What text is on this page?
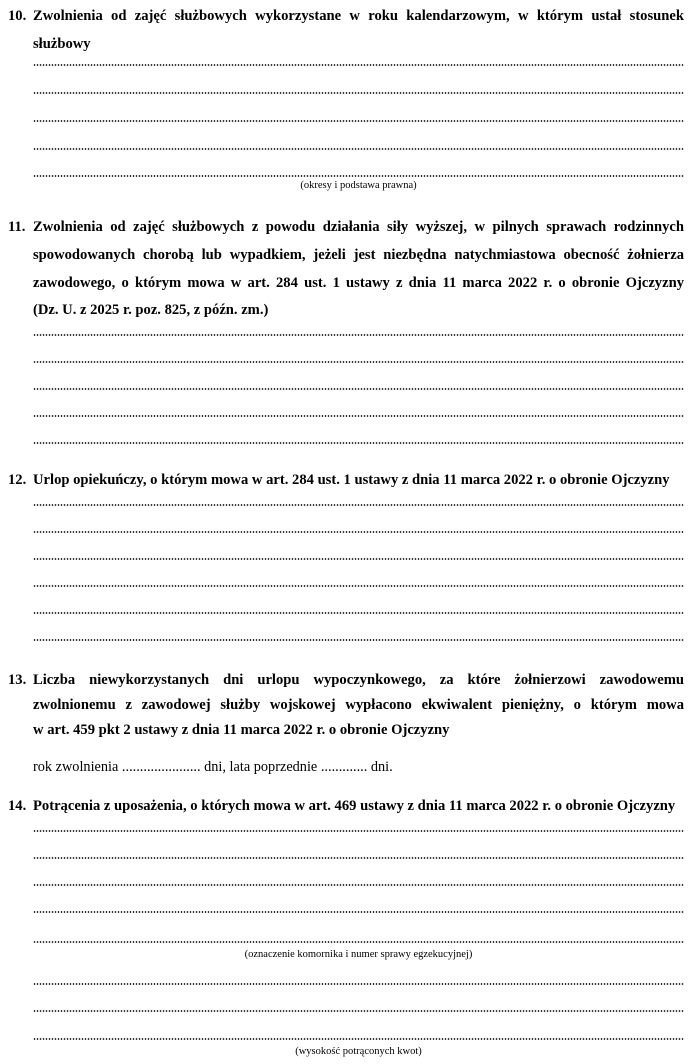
10. Zwolnienia od zajęć służbowych wykorzystane w roku kalendarzowym, w którym ustał stosunek
służbowy
(okresy i podstawa prawna)
11. Zwolnienia od zajęć służbowych z powodu działania siły wyższej, w pilnych sprawach rodzinnych
spowodowanych chorobą lub wypadkiem, jeżeli jest niezbędna natychmiastowa obecność żołnierza
zawodowego, o którym mowa w art. 284 ust. 1 ustawy z dnia 11 marca 2022 r. o obronie Ojczyzny
(Dz. U. z 2025 r. poz. 825, z późn. zm.)
12. Urlop opiekuńczy, o którym mowa w art. 284 ust. 1 ustawy z dnia 11 marca 2022 r. o obronie Ojczyzny
13. Liczba niewykorzystanych dni urlopu wypoczynkowego, za które żołnierzowi zawodowemu
zwolnionemu z zawodowej służby wojskowej wypłacono ekwiwalent pieniężny, o którym mowa
w art. 459 pkt 2 ustawy z dnia 11 marca 2022 r. o obronie Ojczyzny
rok zwolnienia ...................... dni, lata poprzednie ............. dni.
14. Potrącenia z uposażenia, o których mowa w art. 469 ustawy z dnia 11 marca 2022 r. o obronie Ojczyzny
(oznaczenie komornika i numer sprawy egzekucyjnej)
(wysokość potrąconych kwot)
